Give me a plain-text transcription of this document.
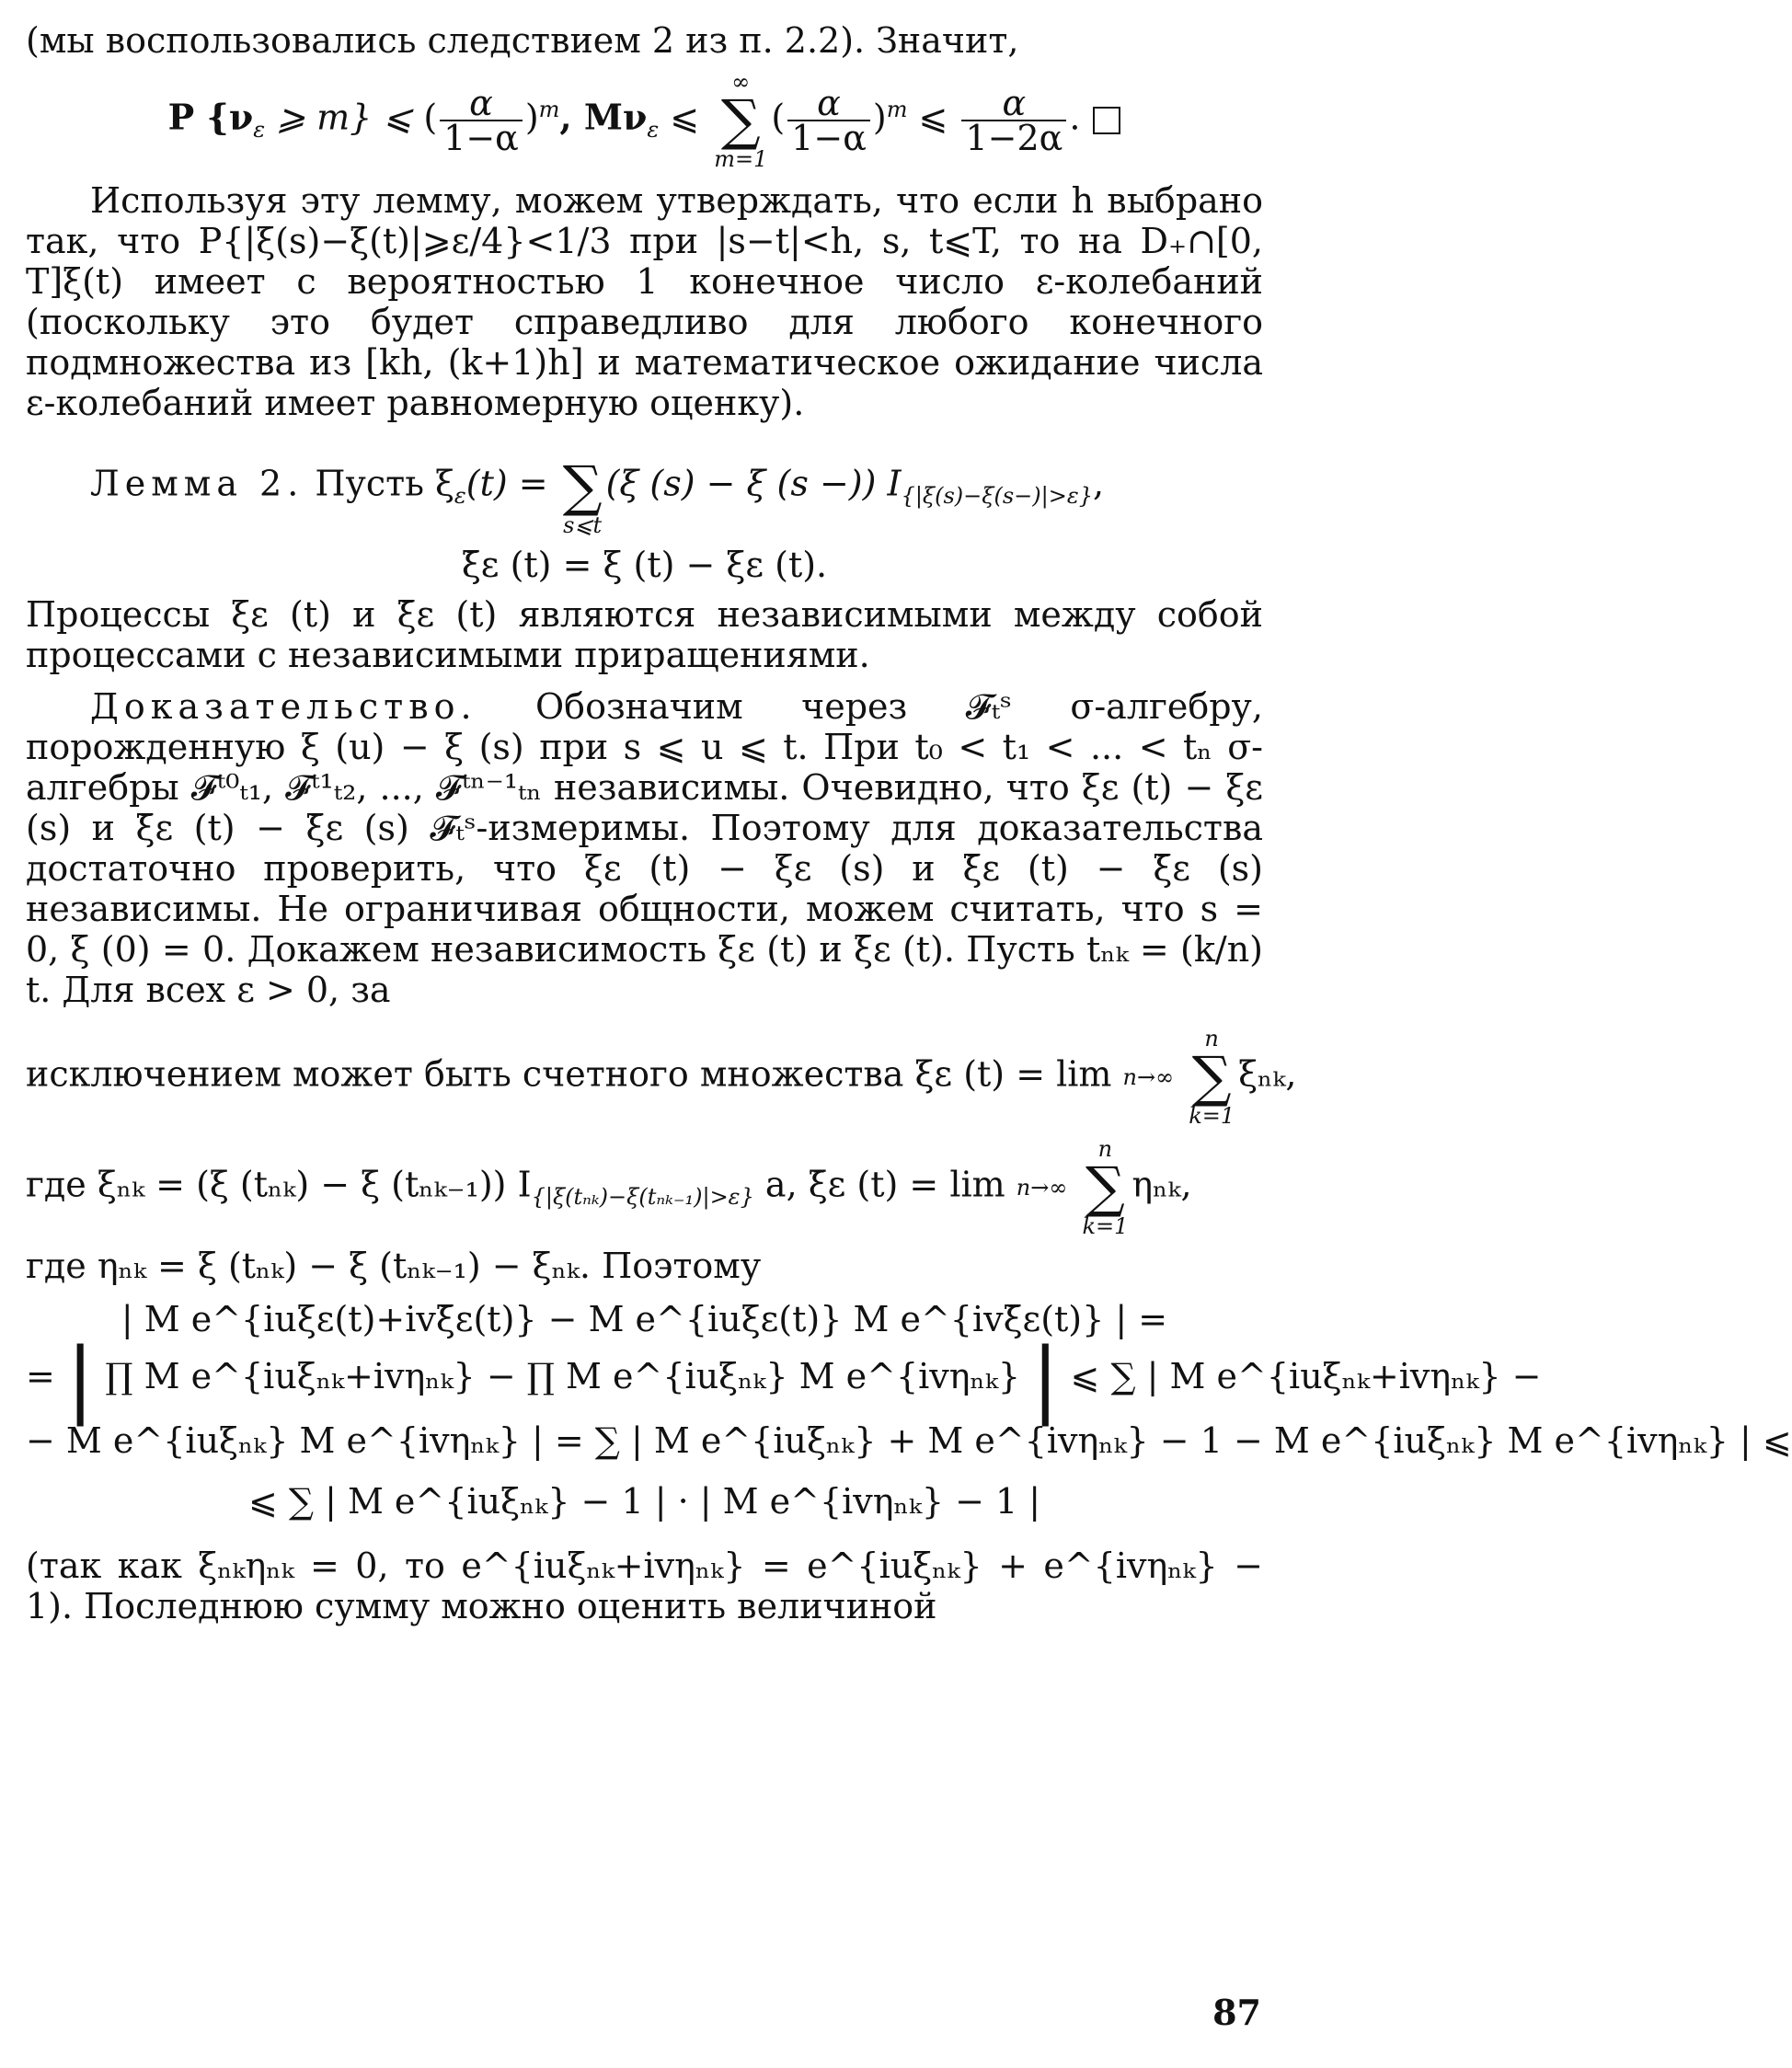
(мы воспользовались следствием 2 из п. 2.2). Значит,

P {$\nu_\varepsilon$ ⩾ m} ⩽ ( $\frac{\alpha}{1-\alpha} )^m$, $M\nu_\varepsilon$ ⩽
∞
∑
m=1
( $\frac{\alpha}{1-\alpha} )^m$ ⩽ $\frac{\alpha}{1-2\alpha}$ .

Используя эту лемму, можем утверждать, что если h выбрано так, что P{|ξ(s)−ξ(t)|⩾ε/4}<1/3 при |s−t|<h, s, t⩽T, то на D₊∩[0, T]ξ(t) имеет с вероятностью 1 конечное число ε-колебаний (поскольку это будет справедливо для любого конечного подмножества из [kh, (k+1)h] и математическое ожидание числа ε-колебаний имеет равномерную оценку).

Лемма 2. Пусть $\xi_\varepsilon(t)$ =
∑
s⩽t
(ξ (s) − ξ (s −)) $I_{\{|\xi(s)-\xi(s-)|>\varepsilon\}}$,
ξ̄ε (t) = ξ (t) − ξε (t).

Процессы ξε (t) и ξ̄ε (t) являются независимыми между собой процессами с независимыми приращениями.

Доказательство. Обозначим через 𝓕ₜˢ σ-алгебру, порожденную ξ (u) − ξ (s) при s ⩽ u ⩽ t. При t₀ < t₁ < ... < tₙ σ-алгебры 𝓕ᵗ⁰ₜ₁, 𝓕ᵗ¹ₜ₂, ..., 𝓕ᵗⁿ⁻¹ₜₙ независимы. Очевидно, что ξε (t) − ξε (s) и ξ̄ε (t) − ξ̄ε (s) 𝓕ₜˢ-измеримы. Поэтому для доказательства достаточно проверить, что ξε (t) − ξε (s) и ξ̄ε (t) − ξ̄ε (s) независимы. Не ограничивая общности, можем считать, что s = 0, ξ (0) = 0. Докажем независимость ξε (t) и ξ̄ε (t). Пусть tₙₖ = (k/n) t. Для всех ε > 0, за

исключением может быть счетного множества ξε (t) = lim n→∞

n
∑
k=1
ξₙₖ,
где ξₙₖ = (ξ (tₙₖ) − ξ (tₙₖ₋₁)) $I_{\{|\xi(t_{nk})-\xi(t_{nk-1})|>\varepsilon\}}$ а, ξ̄ε (t) = lim n→∞

n
∑
k=1
ηₙₖ,

где ηₙₖ = ξ (tₙₖ) − ξ (tₙₖ₋₁) − ξₙₖ. Поэтому

| M e^{iuξε(t)+ivξ̄ε(t)} − M e^{iuξε(t)} M e^{ivξ̄ε(t)} | =
= | ∏ M e^{iuξₙₖ+ivηₙₖ} − ∏ M e^{iuξₙₖ} M e^{ivηₙₖ} | ⩽ ∑ | M e^{iuξₙₖ+ivηₙₖ} −
− M e^{iuξₙₖ} M e^{ivηₙₖ} | = ∑ | M e^{iuξₙₖ} + M e^{ivηₙₖ} − 1 − M e^{iuξₙₖ} M e^{ivηₙₖ} | ⩽
⩽ ∑ | M e^{iuξₙₖ} − 1 | · | M e^{ivηₙₖ} − 1 |

(так как ξₙₖηₙₖ = 0, то e^{iuξₙₖ+ivηₙₖ} = e^{iuξₙₖ} + e^{ivηₙₖ} − 1). Последнюю сумму можно оценить величиной

87
